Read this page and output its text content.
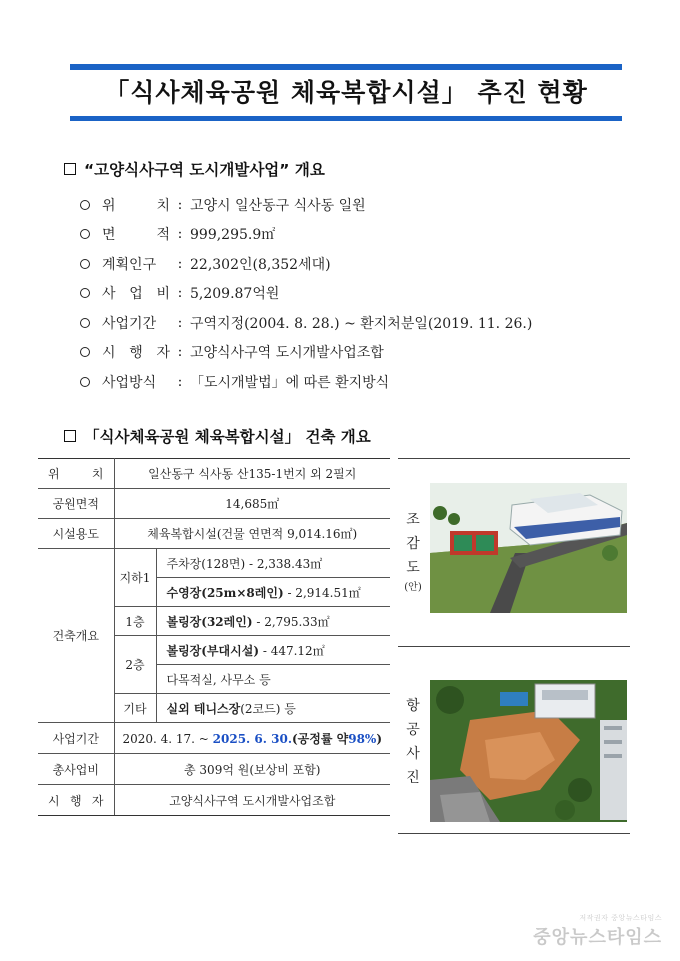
「식사체육공원 체육복합시설」 추진 현황
“고양식사구역 도시개발사업” 개요
위	치 : 고양시 일산동구 식사동 일원
면	적 : 999,295.9㎡
계획인구	: 22,302인(8,352세대)
사 업 비 : 5,209.87억원
사업기간	: 구역지정(2004. 8. 28.) ~ 환지처분일(2019. 11. 26.)
시 행 자 : 고양식사구역 도시개발사업조합
사업방식	: 「도시개발법」에 따른 환지방식
「식사체육공원 체육복합시설」 건축 개요
위 치	일산동구 식사동 산135-1번지 외 2필지	
공원면적	14,685㎡	
시설용도	체육복합시설(건물 연면적 9,014.16㎡)	
건축개요	지하1	주차장(128면) - 2,338.43㎡
		수영장(25m×8레인) - 2,914.51㎡
	1층	볼링장(32레인) - 2,795.33㎡
	2층	볼링장(부대시설) - 447.12㎡
		다목적실, 사무소 등
	기타	실외 테니스장(2코드) 등
사업기간	2020. 4. 17. ~ 2025. 6. 30.(공정률 약98%)	
총사업비	총 309억 원(보상비 포함)	

시 행 자	고양식사구역 도시개발사업조합	
조
감
도
(안)
항
공
사
진
저작권자 중앙뉴스타임스
중앙뉴스타임스
